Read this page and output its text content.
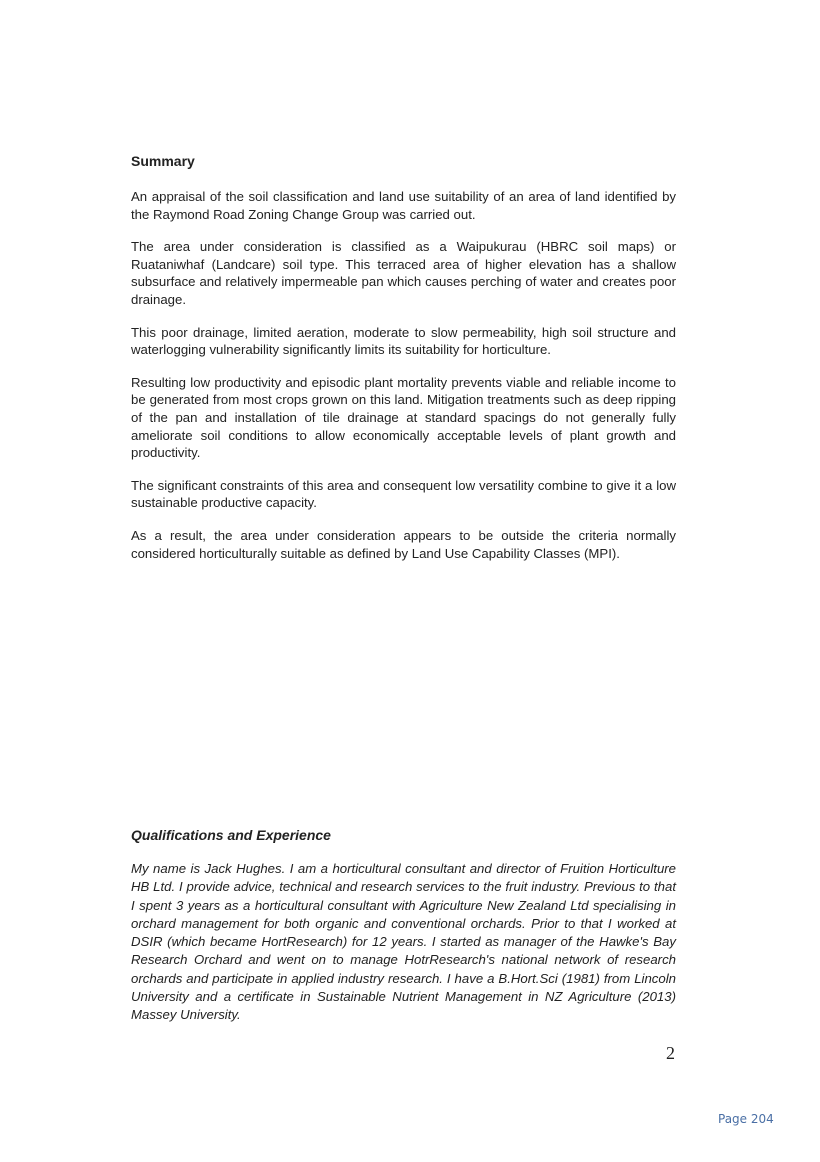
Summary

An appraisal of the soil classification and land use suitability of an area of land identified by the Raymond Road Zoning Change Group was carried out.

The area under consideration is classified as a Waipukurau (HBRC soil maps) or Ruataniwhaf (Landcare) soil type. This terraced area of higher elevation has a shallow subsurface and relatively impermeable pan which causes perching of water and creates poor drainage.

This poor drainage, limited aeration, moderate to slow permeability, high soil structure and waterlogging vulnerability significantly limits its suitability for horticulture.

Resulting low productivity and episodic plant mortality prevents viable and reliable income to be generated from most crops grown on this land. Mitigation treatments such as deep ripping of the pan and installation of tile drainage at standard spacings do not generally fully ameliorate soil conditions to allow economically acceptable levels of plant growth and productivity.

The significant constraints of this area and consequent low versatility combine to give it a low sustainable productive capacity.

As a result, the area under consideration appears to be outside the criteria normally considered horticulturally suitable as defined by Land Use Capability Classes (MPI).

Qualifications and Experience

My name is Jack Hughes. I am a horticultural consultant and director of Fruition Horticulture HB Ltd. I provide advice, technical and research services to the fruit industry. Previous to that I spent 3 years as a horticultural consultant with Agriculture New Zealand Ltd specialising in orchard management for both organic and conventional orchards. Prior to that I worked at DSIR (which became HortResearch) for 12 years. I started as manager of the Hawke's Bay Research Orchard and went on to manage HotrResearch's national network of research orchards and participate in applied industry research. I have a B.Hort.Sci (1981) from Lincoln University and a certificate in Sustainable Nutrient Management in NZ Agriculture (2013) Massey University.

2
Page 204
